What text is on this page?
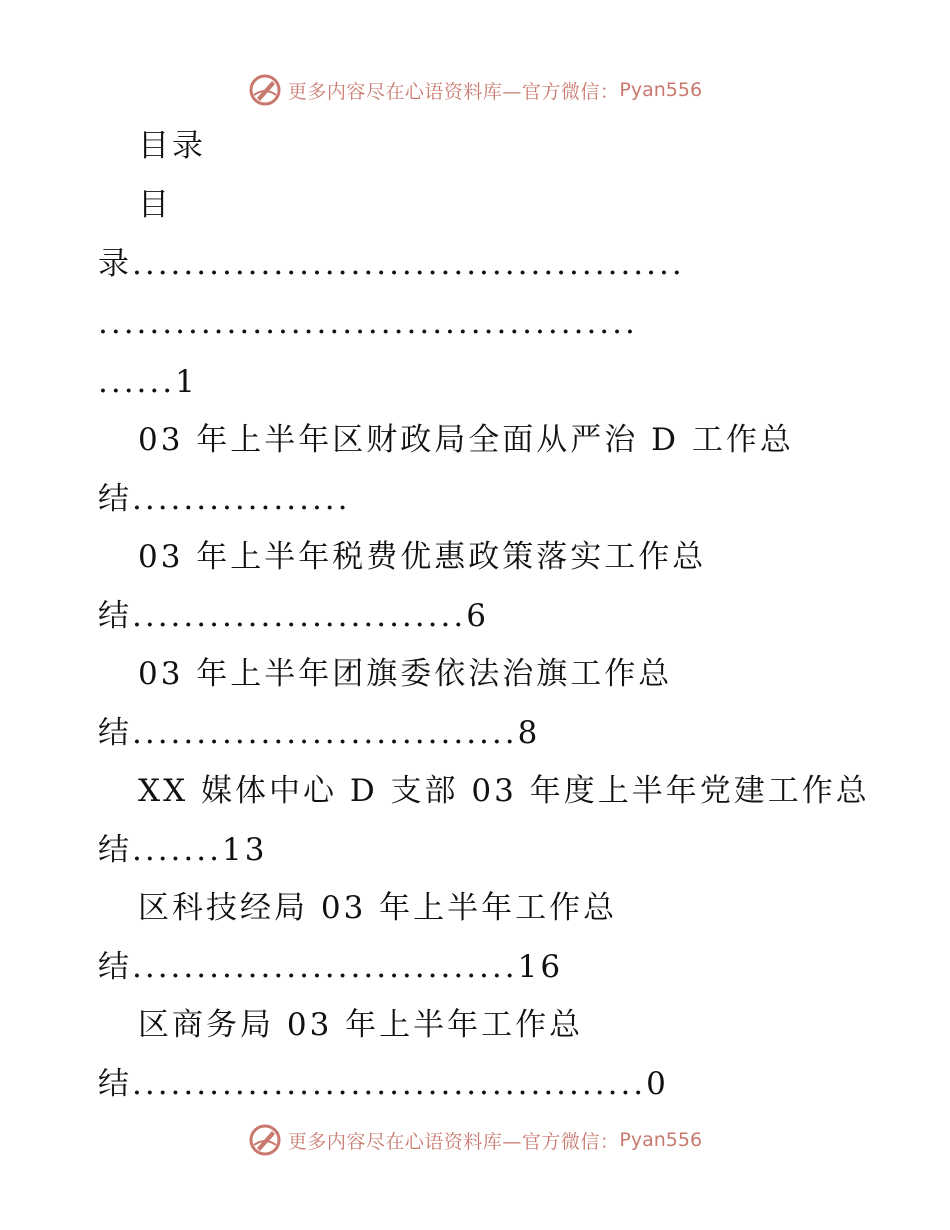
更多内容尽在心语资料库—官方微信： Pyan556
目录
目
录...........................................
..........................................
......1
03 年上半年区财政局全面从严治 D 工作总
结.................
03 年上半年税费优惠政策落实工作总
结..........................6
03 年上半年团旗委依法治旗工作总
结..............................8
XX 媒体中心 D 支部 03 年度上半年党建工作总
结.......13
区科技经局 03 年上半年工作总
结..............................16
区商务局 03 年上半年工作总
结........................................0
更多内容尽在心语资料库—官方微信： Pyan556
